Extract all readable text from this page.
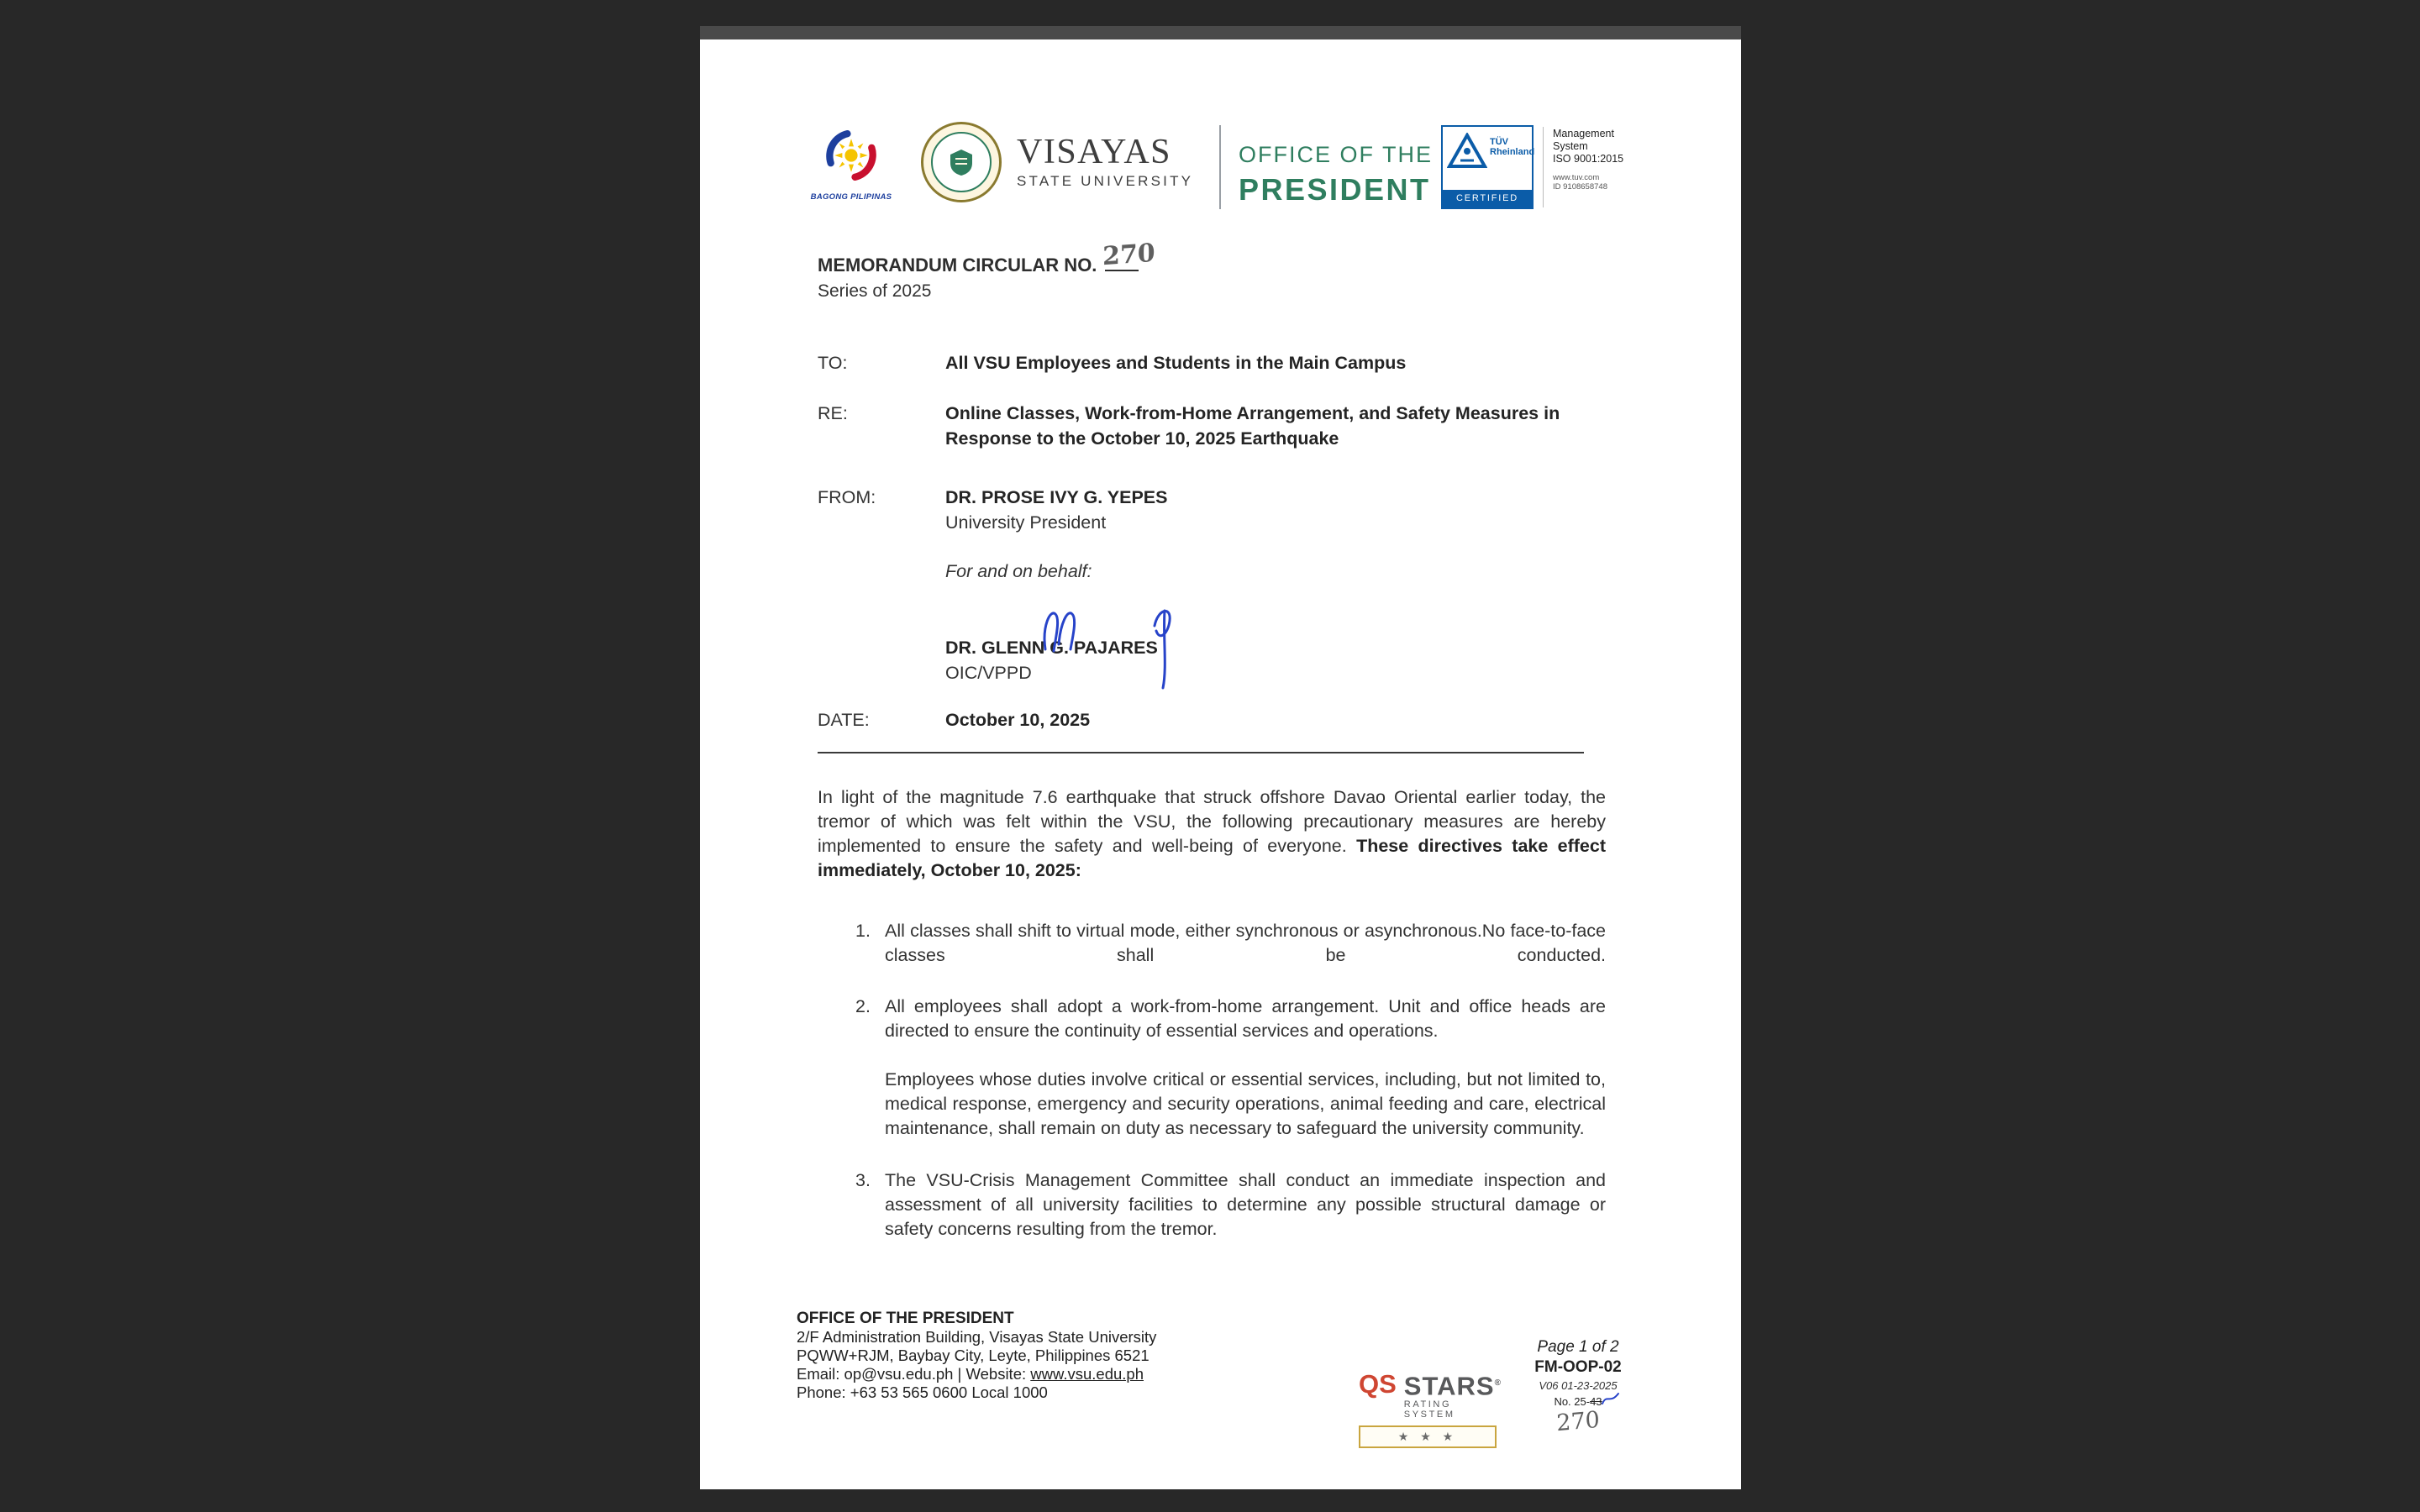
BAGONG PILIPINAS
VISAYAS
STATE UNIVERSITY
OFFICE OF THE
PRESIDENT
TÜV
Rheinland
CERTIFIED
Management
System
ISO 9001:2015
www.tuv.com
ID 9108658748
MEMORANDUM CIRCULAR NO. 270
Series of 2025
TO:	All VSU Employees and Students in the Main Campus
RE:	Online Classes, Work-from-Home Arrangement, and Safety Measures in Response to the October 10, 2025 Earthquake
FROM:	DR. PROSE IVY G. YEPES
University President
For and on behalf:
DR. GLENN G. PAJARES
OIC/VPPD
DATE:	October 10, 2025

In light of the magnitude 7.6 earthquake that struck offshore Davao Oriental earlier today, the tremor of which was felt within the VSU, the following precautionary measures are hereby implemented to ensure the safety and well-being of everyone. These directives take effect immediately, October 10, 2025:

1. All classes shall shift to virtual mode, either synchronous or asynchronous.No face-to-face classes shall be conducted.
2. All employees shall adopt a work-from-home arrangement. Unit and office heads are directed to ensure the continuity of essential services and operations.
Employees whose duties involve critical or essential services, including, but not limited to, medical response, emergency and security operations, animal feeding and care, electrical maintenance, shall remain on duty as necessary to safeguard the university community.
3. The VSU-Crisis Management Committee shall conduct an immediate inspection and assessment of all university facilities to determine any possible structural damage or safety concerns resulting from the tremor.
OFFICE OF THE PRESIDENT
2/F Administration Building, Visayas State University
PQWW+RJM, Baybay City, Leyte, Philippines 6521
Email: op@vsu.edu.ph | Website: www.vsu.edu.ph
Phone: +63 53 565 0600 Local 1000	QS STARS®
RATING SYSTEM
★ ★ ★
Page 1 of 2
FM-OOP-02
V06 01-23-2025
No. 25-43
270
